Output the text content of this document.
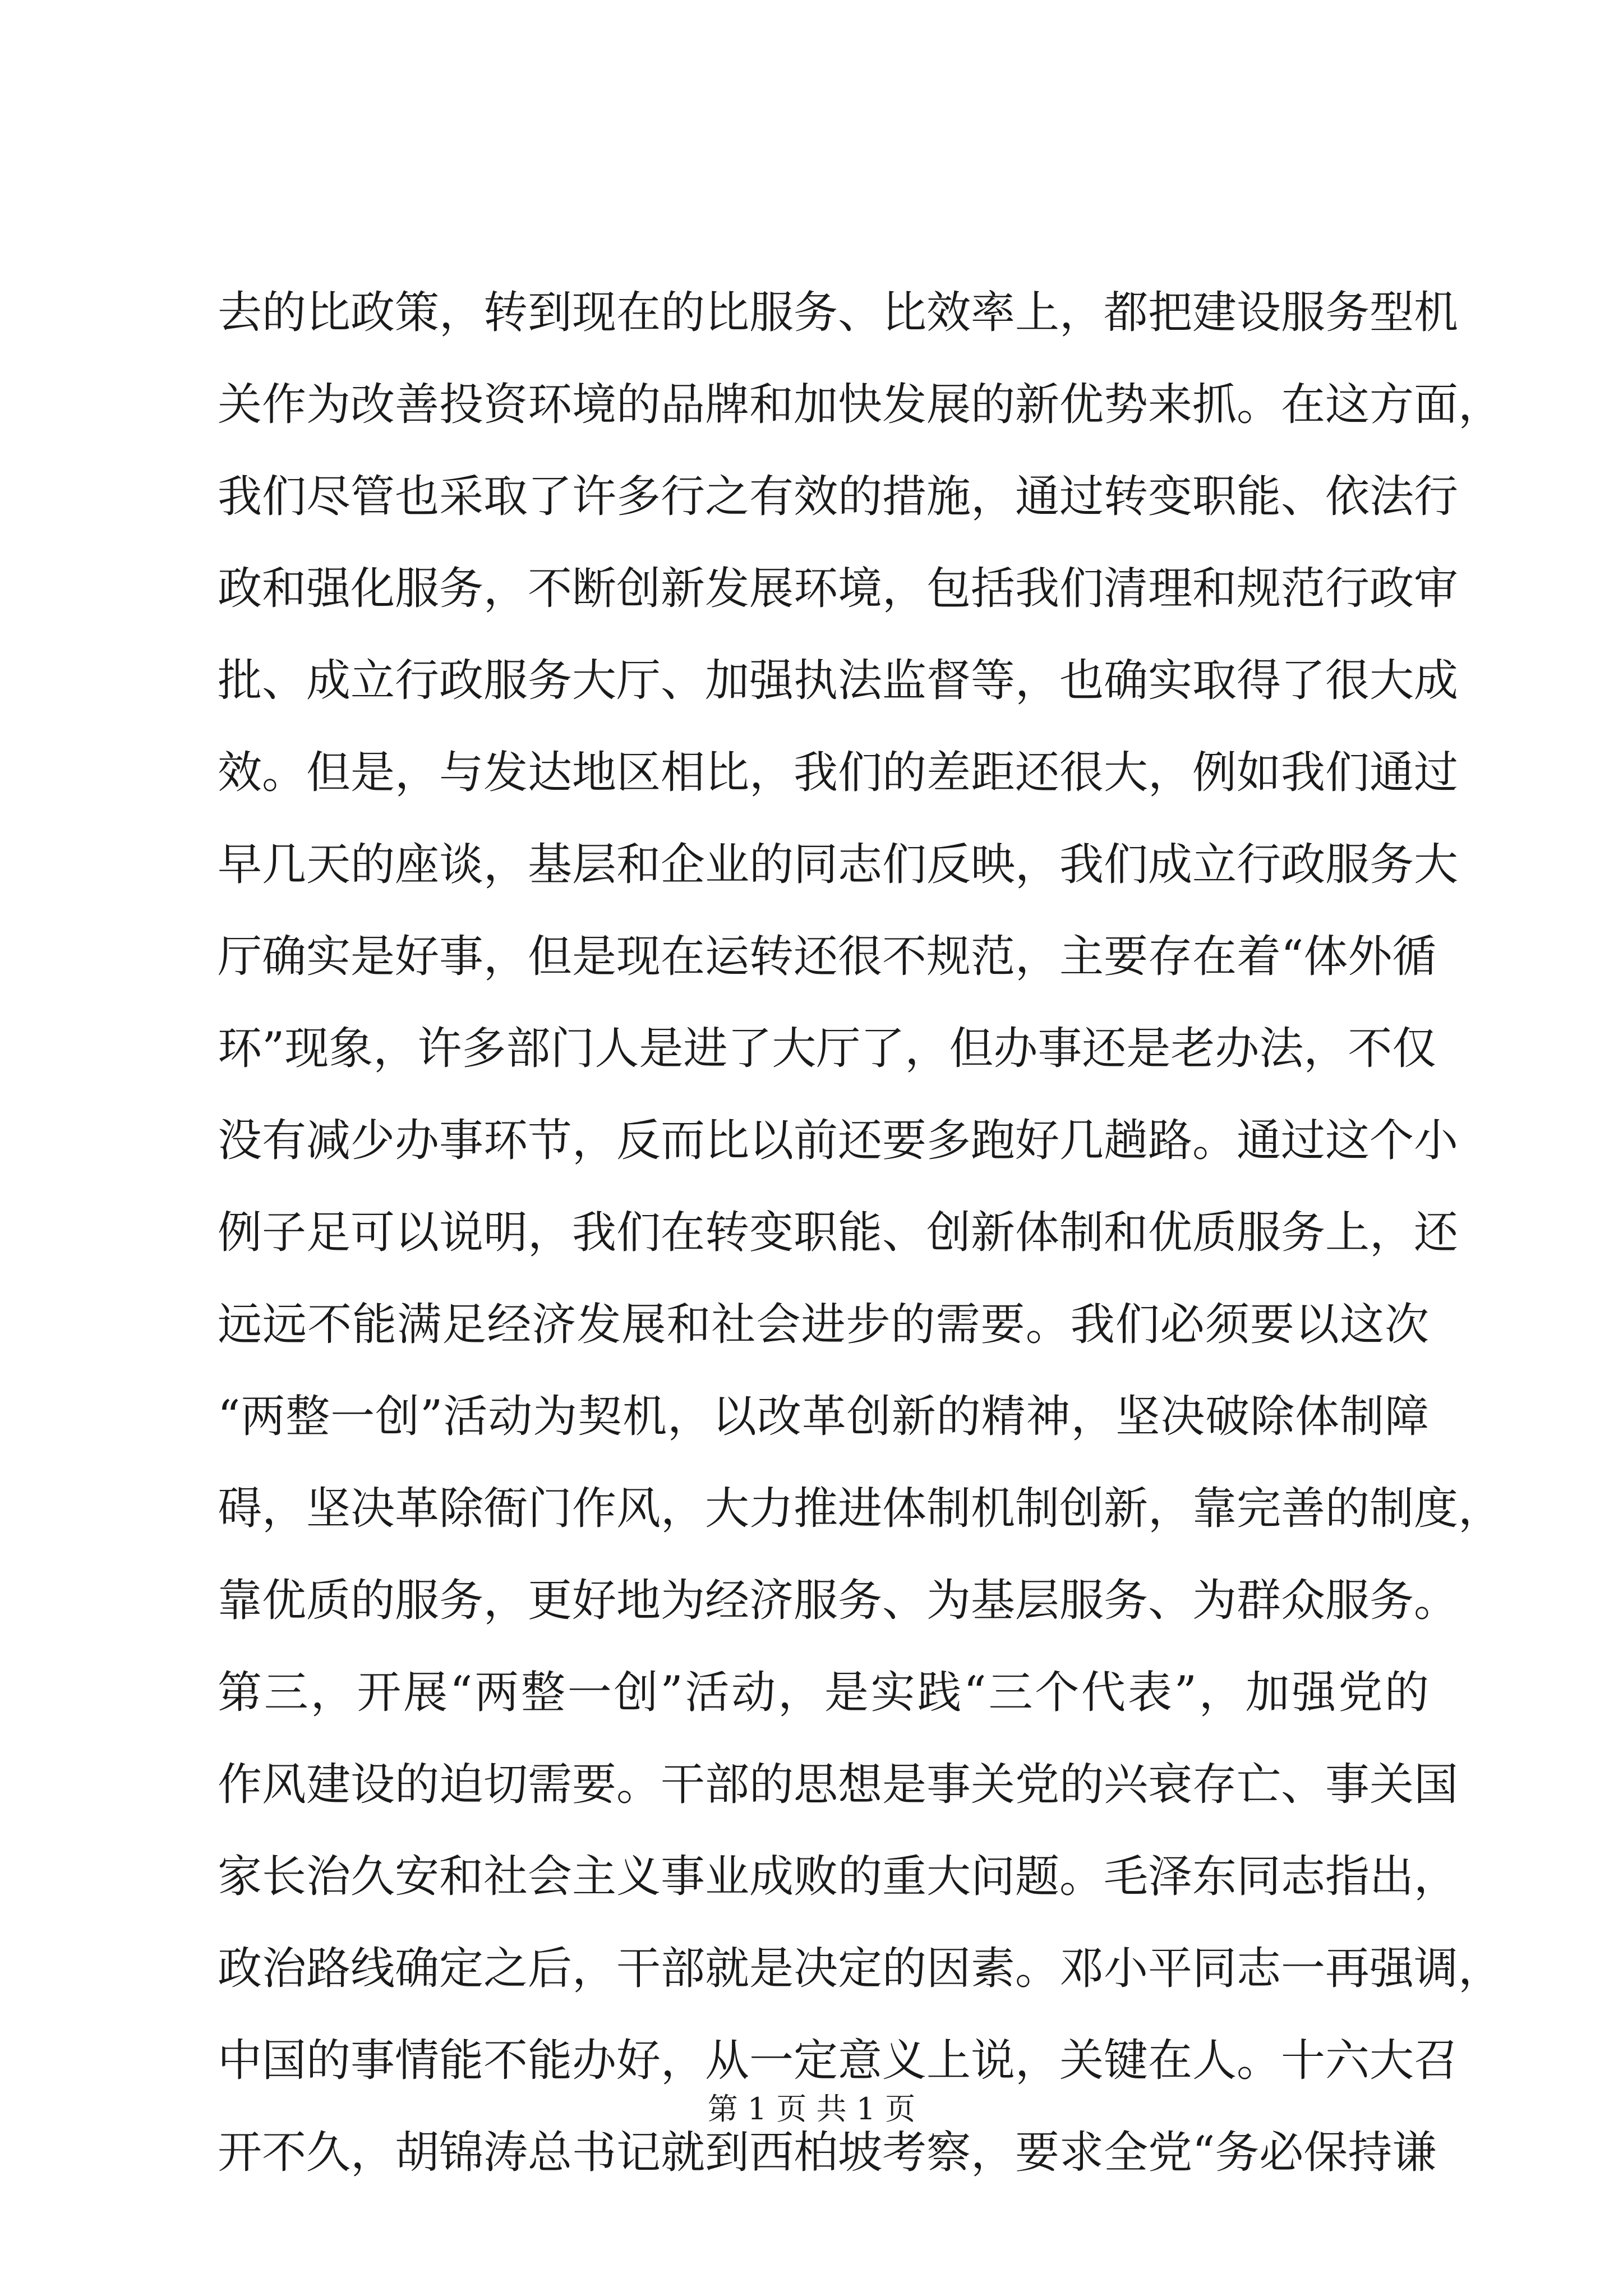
去的比政策，转到现在的比服务、比效率上，都把建设服务型机
关作为改善投资环境的品牌和加快发展的新优势来抓。在这方面，
我们尽管也采取了许多行之有效的措施，通过转变职能、依法行
政和强化服务，不断创新发展环境，包括我们清理和规范行政审
批、成立行政服务大厅、加强执法监督等，也确实取得了很大成
效。但是，与发达地区相比，我们的差距还很大，例如我们通过
早几天的座谈，基层和企业的同志们反映，我们成立行政服务大
厅确实是好事，但是现在运转还很不规范，主要存在着“体外循
环”现象，许多部门人是进了大厅了，但办事还是老办法，不仅
没有减少办事环节，反而比以前还要多跑好几趟路。通过这个小
例子足可以说明，我们在转变职能、创新体制和优质服务上，还
远远不能满足经济发展和社会进步的需要。我们必须要以这次
“两整一创”活动为契机，以改革创新的精神，坚决破除体制障
碍，坚决革除衙门作风，大力推进体制机制创新，靠完善的制度，
靠优质的服务，更好地为经济服务、为基层服务、为群众服务。
第三，开展“两整一创”活动，是实践“三个代表”，加强党的
作风建设的迫切需要。干部的思想是事关党的兴衰存亡、事关国
家长治久安和社会主义事业成败的重大问题。毛泽东同志指出，
政治路线确定之后，干部就是决定的因素。邓小平同志一再强调，
中国的事情能不能办好，从一定意义上说，关键在人。十六大召
开不久，胡锦涛总书记就到西柏坡考察，要求全党“务必保持谦
第 1 页 共 1 页
